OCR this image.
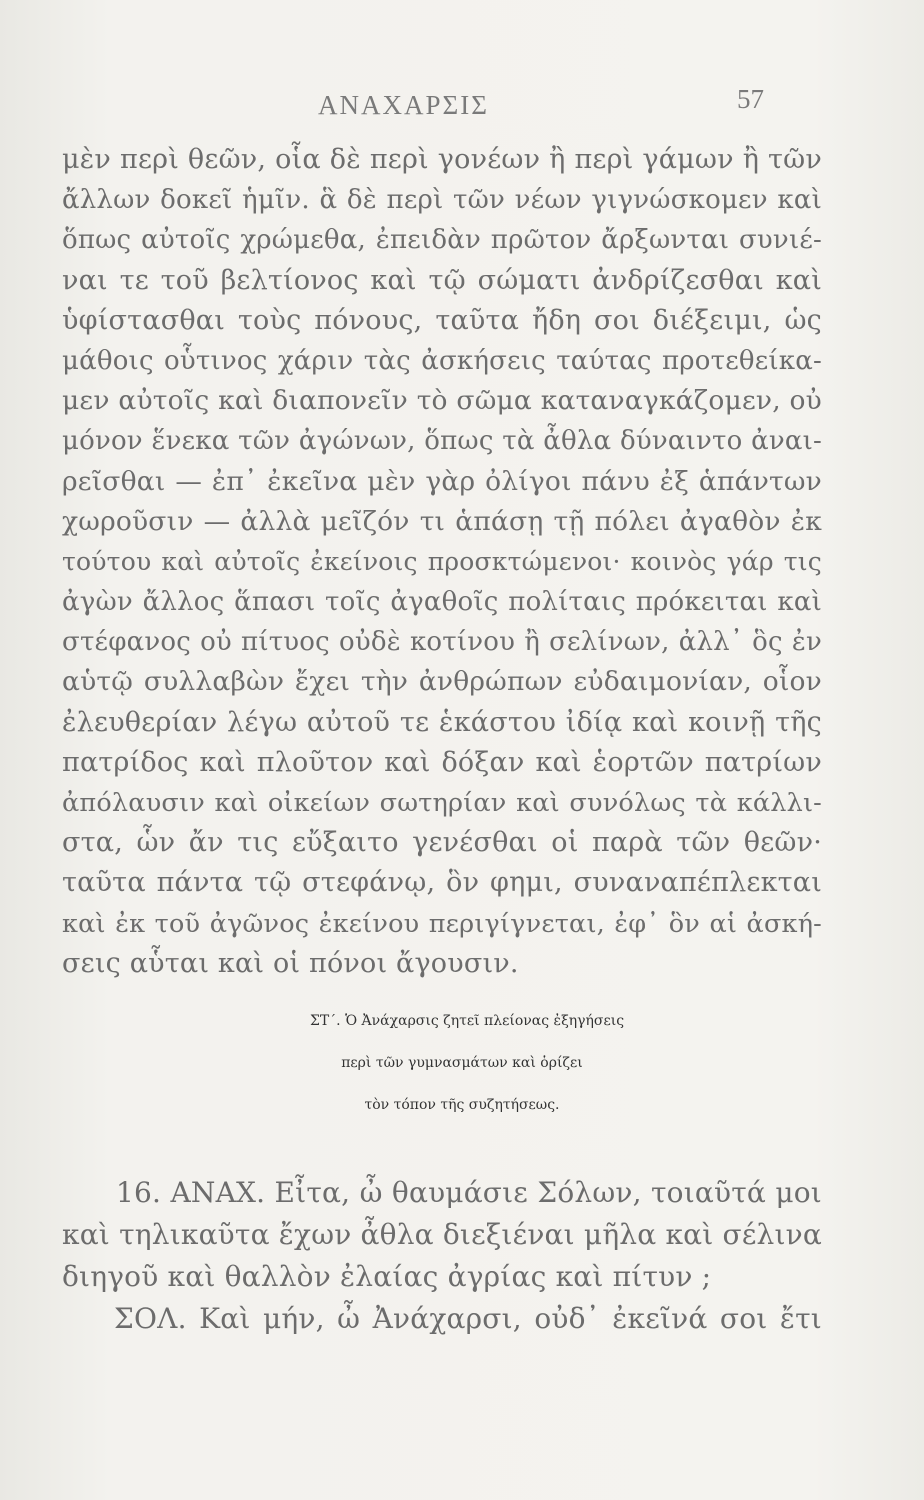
ΑΝΑΧΑΡΣΙΣ	57
μὲν περὶ θεῶν, οἷα δὲ περὶ γονέων ἢ περὶ γάμων ἢ τῶν
ἄλλων δοκεῖ ἡμῖν. ἃ δὲ περὶ τῶν νέων γιγνώσκομεν καὶ
ὅπως αὐτοῖς χρώμεθα, ἐπειδὰν πρῶτον ἄρξωνται συνιέ-
ναι τε τοῦ βελτίονος καὶ τῷ σώματι ἀνδρίζεσθαι καὶ
ὑφίστασθαι τοὺς πόνους, ταῦτα ἤδη σοι διέξειμι, ὡς
μάθοις οὗτινος χάριν τὰς ἀσκήσεις ταύτας προτεθείκα-
μεν αὐτοῖς καὶ διαπονεῖν τὸ σῶμα καταναγκάζομεν, οὐ
μόνον ἕνεκα τῶν ἀγώνων, ὅπως τὰ ἆθλα δύναιντο ἀναι-
ρεῖσθαι — ἐπ᾽ ἐκεῖνα μὲν γὰρ ὀλίγοι πάνυ ἐξ ἁπάντων
χωροῦσιν — ἀλλὰ μεῖζόν τι ἁπάσῃ τῇ πόλει ἀγαθὸν ἐκ
τούτου καὶ αὐτοῖς ἐκείνοις προσκτώμενοι· κοινὸς γάρ τις
ἀγὼν ἄλλος ἅπασι τοῖς ἀγαθοῖς πολίταις πρόκειται καὶ
στέφανος οὐ πίτυος οὐδὲ κοτίνου ἢ σελίνων, ἀλλ᾽ ὃς ἐν
αὑτῷ συλλαβὼν ἔχει τὴν ἀνθρώπων εὐδαιμονίαν, οἷον
ἐλευθερίαν λέγω αὐτοῦ τε ἑκάστου ἰδίᾳ καὶ κοινῇ τῆς
πατρίδος καὶ πλοῦτον καὶ δόξαν καὶ ἑορτῶν πατρίων
ἀπόλαυσιν καὶ οἰκείων σωτηρίαν καὶ συνόλως τὰ κάλλι-
στα, ὧν ἄν τις εὔξαιτο γενέσθαι οἱ παρὰ τῶν θεῶν·
ταῦτα πάντα τῷ στεφάνῳ, ὃν φημι, συναναπέπλεκται
καὶ ἐκ τοῦ ἀγῶνος ἐκείνου περιγίγνεται, ἐφ᾽ ὃν αἱ ἀσκή-
σεις αὗται καὶ οἱ πόνοι ἄγουσιν.
ΣΤ΄. Ὁ Ἀνάχαρσις ζητεῖ πλείονας ἐξηγήσεις
περὶ τῶν γυμνασμάτων καὶ ὁρίζει
τὸν τόπον τῆς συζητήσεως.
16. ΑΝΑΧ. Εἶτα, ὦ θαυμάσιε Σόλων, τοιαῦτά μοι
καὶ τηλικαῦτα ἔχων ἆθλα διεξιέναι μῆλα καὶ σέλινα
διηγοῦ καὶ θαλλὸν ἐλαίας ἀγρίας καὶ πίτυν ;
ΣΟΛ. Καὶ μήν, ὦ Ἀνάχαρσι, οὐδ᾽ ἐκεῖνά σοι ἔτι
